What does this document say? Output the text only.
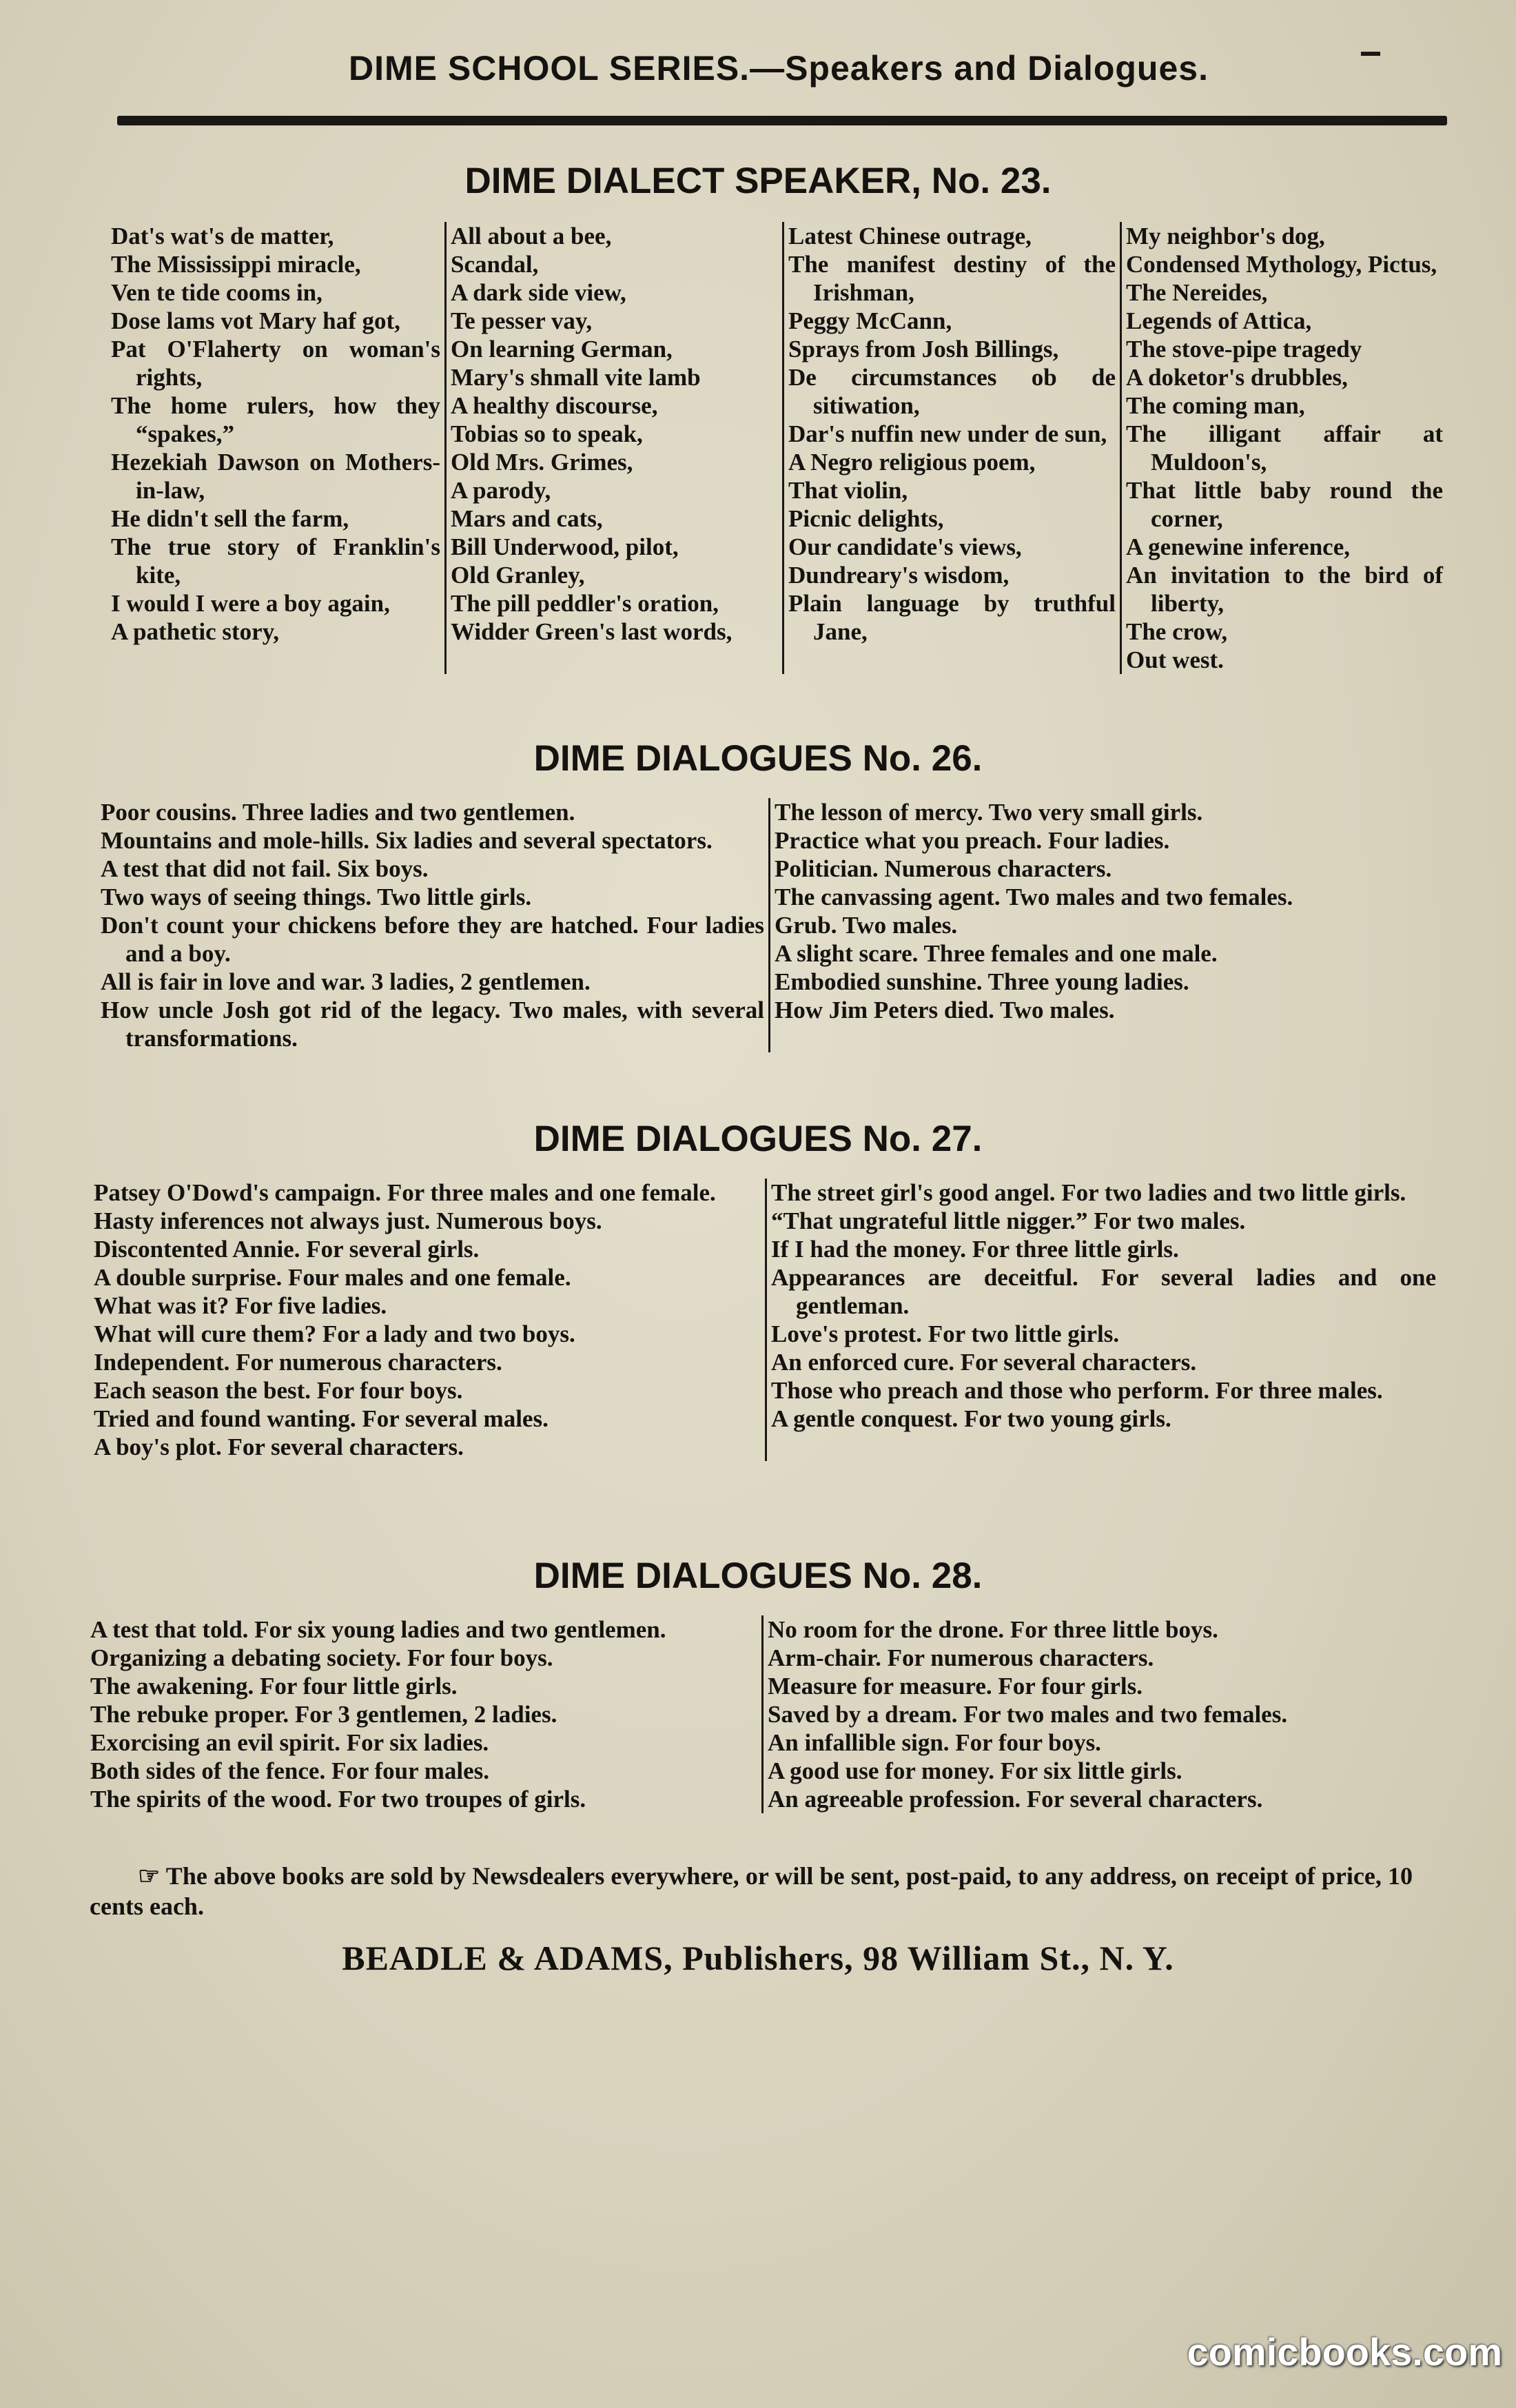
DIME SCHOOL SERIES.—Speakers and Dialogues.
DIME DIALECT SPEAKER, No. 23.
Dat's wat's de matter,
The Mississippi miracle,
Ven te tide cooms in,
Dose lams vot Mary haf got,
Pat O'Flaherty on woman's rights,
The home rulers, how they “spakes,”
Hezekiah Dawson on Mothers-in-law,
He didn't sell the farm,
The true story of Franklin's kite,
I would I were a boy again,
A pathetic story,
All about a bee,
Scandal,
A dark side view,
Te pesser vay,
On learning German,
Mary's shmall vite lamb
A healthy discourse,
Tobias so to speak,
Old Mrs. Grimes,
A parody,
Mars and cats,
Bill Underwood, pilot,
Old Granley,
The pill peddler's oration,
Widder Green's last words,
Latest Chinese outrage,
The manifest destiny of the Irishman,
Peggy McCann,
Sprays from Josh Billings,
De circumstances ob de sitiwation,
Dar's nuffin new under de sun,
A Negro religious poem,
That violin,
Picnic delights,
Our candidate's views,
Dundreary's wisdom,
Plain language by truthful Jane,
My neighbor's dog,
Condensed Mythology, Pictus,
The Nereides,
Legends of Attica,
The stove-pipe tragedy
A doketor's drubbles,
The coming man,
The illigant affair at Muldoon's,
That little baby round the corner,
A genewine inference,
An invitation to the bird of liberty,
The crow,
Out west.
DIME DIALOGUES No. 26.
Poor cousins. Three ladies and two gentlemen.
Mountains and mole-hills. Six ladies and several spectators.
A test that did not fail. Six boys.
Two ways of seeing things. Two little girls.
Don't count your chickens before they are hatched. Four ladies and a boy.
All is fair in love and war. 3 ladies, 2 gentlemen.
How uncle Josh got rid of the legacy. Two males, with several transformations.
The lesson of mercy. Two very small girls.
Practice what you preach. Four ladies.
Politician. Numerous characters.
The canvassing agent. Two males and two females.
Grub. Two males.
A slight scare. Three females and one male.
Embodied sunshine. Three young ladies.
How Jim Peters died. Two males.
DIME DIALOGUES No. 27.
Patsey O'Dowd's campaign. For three males and one female.
Hasty inferences not always just. Numerous boys.
Discontented Annie. For several girls.
A double surprise. Four males and one female.
What was it? For five ladies.
What will cure them? For a lady and two boys.
Independent. For numerous characters.
Each season the best. For four boys.
Tried and found wanting. For several males.
A boy's plot. For several characters.
The street girl's good angel. For two ladies and two little girls.
“That ungrateful little nigger.” For two males.
If I had the money. For three little girls.
Appearances are deceitful. For several ladies and one gentleman.
Love's protest. For two little girls.
An enforced cure. For several characters.
Those who preach and those who perform. For three males.
A gentle conquest. For two young girls.
DIME DIALOGUES No. 28.
A test that told. For six young ladies and two gentlemen.
Organizing a debating society. For four boys.
The awakening. For four little girls.
The rebuke proper. For 3 gentlemen, 2 ladies.
Exorcising an evil spirit. For six ladies.
Both sides of the fence. For four males.
The spirits of the wood. For two troupes of girls.
No room for the drone. For three little boys.
Arm-chair. For numerous characters.
Measure for measure. For four girls.
Saved by a dream. For two males and two females.
An infallible sign. For four boys.
A good use for money. For six little girls.
An agreeable profession. For several characters.
☞ The above books are sold by Newsdealers everywhere, or will be sent, post-paid, to any address, on receipt of price, 10 cents each.
BEADLE & ADAMS, Publishers, 98 William St., N. Y.
comicbooks.com
